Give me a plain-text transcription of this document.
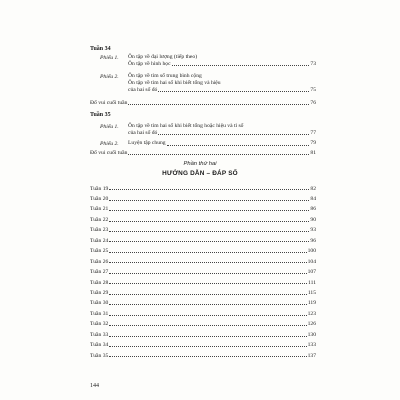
Tuần 34
Phiếu 1. Ôn tập về đại lượng (tiếp theo)
Ôn tập về hình học	73
Phiếu 2. Ôn tập về tìm số trung bình cộng
Ôn tập về tìm hai số khi biết tổng và hiệu
của hai số đó	75
Đố vui cuối tuần	76
Tuần 35
Phiếu 1. Ôn tập về tìm hai số khi biết tổng hoặc hiệu và tỉ số
của hai số đó	77
Phiếu 2. Luyện tập chung	79
Đố vui cuối tuần	81
Phần thứ hai
HƯỚNG DẪN – ĐÁP SỐ
Tuần 19	82
Tuần 20	84
Tuần 21	86
Tuần 22	90
Tuần 23	93
Tuần 24	96
Tuần 25	100
Tuần 26	104
Tuần 27	107
Tuần 28	111
Tuần 29	115
Tuần 30	119
Tuần 31	123
Tuần 32	126
Tuần 33	130
Tuần 34	133
Tuần 35	137
144
